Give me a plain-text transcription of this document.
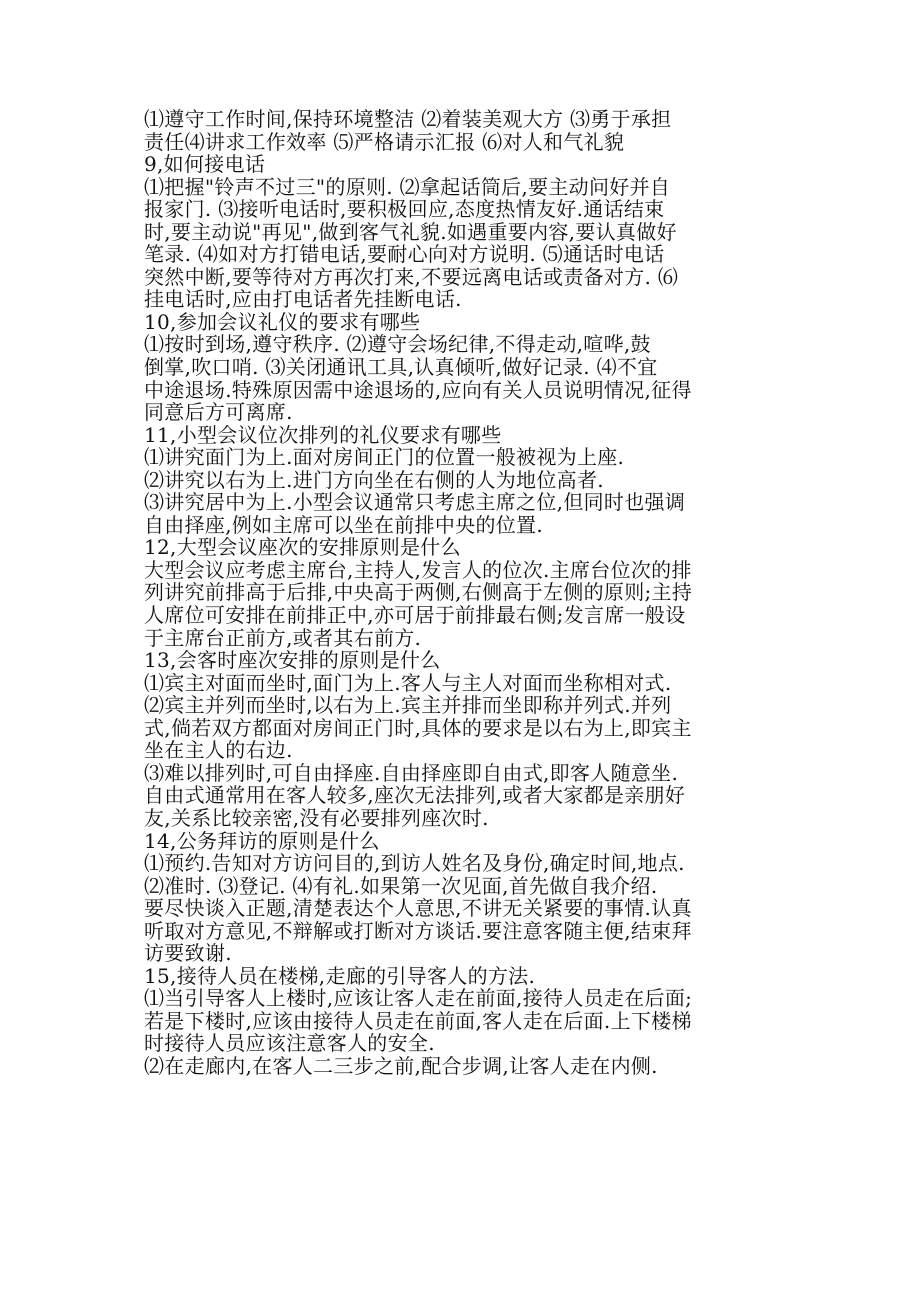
⑴遵守工作时间,保持环境整洁 ⑵着装美观大方 ⑶勇于承担
责任⑷讲求工作效率 ⑸严格请示汇报 ⑹对人和气礼貌
9,如何接电话
⑴把握"铃声不过三"的原则. ⑵拿起话筒后,要主动问好并自
报家门. ⑶接听电话时,要积极回应,态度热情友好.通话结束
时,要主动说"再见",做到客气礼貌.如遇重要内容,要认真做好
笔录. ⑷如对方打错电话,要耐心向对方说明. ⑸通话时电话
突然中断,要等待对方再次打来,不要远离电话或责备对方. ⑹
挂电话时,应由打电话者先挂断电话.
10,参加会议礼仪的要求有哪些
⑴按时到场,遵守秩序. ⑵遵守会场纪律,不得走动,喧哗,鼓
倒掌,吹口哨. ⑶关闭通讯工具,认真倾听,做好记录. ⑷不宜
中途退场.特殊原因需中途退场的,应向有关人员说明情况,征得
同意后方可离席.
11,小型会议位次排列的礼仪要求有哪些
⑴讲究面门为上.面对房间正门的位置一般被视为上座.
⑵讲究以右为上.进门方向坐在右侧的人为地位高者.
⑶讲究居中为上.小型会议通常只考虑主席之位,但同时也强调
自由择座,例如主席可以坐在前排中央的位置.
12,大型会议座次的安排原则是什么
大型会议应考虑主席台,主持人,发言人的位次.主席台位次的排
列讲究前排高于后排,中央高于两侧,右侧高于左侧的原则;主持
人席位可安排在前排正中,亦可居于前排最右侧;发言席一般设
于主席台正前方,或者其右前方.
13,会客时座次安排的原则是什么
⑴宾主对面而坐时,面门为上.客人与主人对面而坐称相对式.
⑵宾主并列而坐时,以右为上.宾主并排而坐即称并列式.并列
式,倘若双方都面对房间正门时,具体的要求是以右为上,即宾主
坐在主人的右边.
⑶难以排列时,可自由择座.自由择座即自由式,即客人随意坐.
自由式通常用在客人较多,座次无法排列,或者大家都是亲朋好
友,关系比较亲密,没有必要排列座次时.
14,公务拜访的原则是什么
⑴预约.告知对方访问目的,到访人姓名及身份,确定时间,地点.
⑵准时. ⑶登记. ⑷有礼.如果第一次见面,首先做自我介绍.
要尽快谈入正题,清楚表达个人意思,不讲无关紧要的事情.认真
听取对方意见,不辩解或打断对方谈话.要注意客随主便,结束拜
访要致谢.
15,接待人员在楼梯,走廊的引导客人的方法.
⑴当引导客人上楼时,应该让客人走在前面,接待人员走在后面;
若是下楼时,应该由接待人员走在前面,客人走在后面.上下楼梯
时接待人员应该注意客人的安全.
⑵在走廊内,在客人二三步之前,配合步调,让客人走在内侧.
